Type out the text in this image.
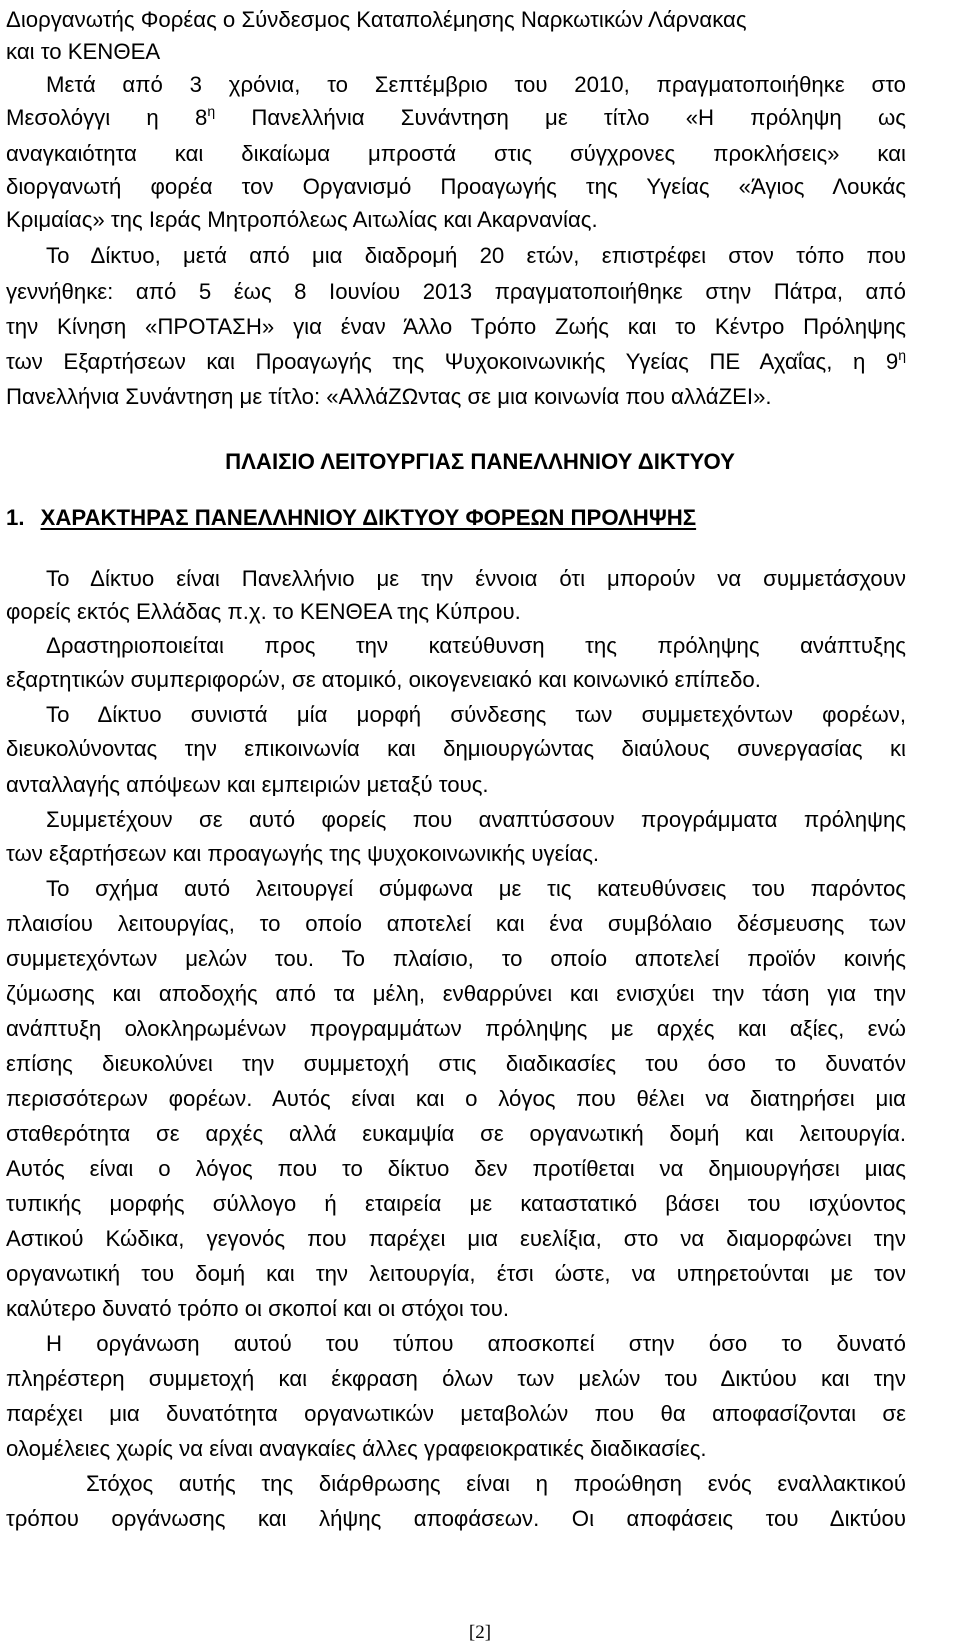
Διοργανωτής Φορέας ο Σύνδεσμος Καταπολέμησης Ναρκωτικών Λάρνακας
και το ΚΕΝΘΕΑ
Μετά από 3 χρόνια, το Σεπτέμβριο του 2010, πραγματοποιήθηκε στο
Μεσολόγγι η $8^\eta$ Πανελλήνια Συνάντηση με τίτλο «Η πρόληψη ως
αναγκαιότητα και δικαίωμα μπροστά στις σύγχρονες προκλήσεις» και
διοργανωτή φορέα τον Οργανισμό Προαγωγής της Υγείας «Άγιος Λουκάς
Κριμαίας» της Ιεράς Μητροπόλεως Αιτωλίας και Ακαρνανίας.
Το Δίκτυο, μετά από μια διαδρομή 20 ετών, επιστρέφει στον τόπο που
γεννήθηκε: από 5 έως 8 Ιουνίου 2013 πραγματοποιήθηκε στην Πάτρα, από
την Κίνηση «ΠΡΟΤΑΣΗ» για έναν Άλλο Τρόπο Ζωής και το Κέντρο Πρόληψης
των Εξαρτήσεων και Προαγωγής της Ψυχοκοινωνικής Υγείας ΠΕ Αχαΐας, η $9^\eta$
Πανελλήνια Συνάντηση με τίτλο: «ΑλλάΖΩντας σε μια κοινωνία που αλλάΖΕΙ».
ΠΛΑΙΣΙΟ ΛΕΙΤΟΥΡΓΙΑΣ ΠΑΝΕΛΛΗΝΙΟΥ ΔΙΚΤΥΟΥ
1. ΧΑΡΑΚΤΗΡΑΣ ΠΑΝΕΛΛΗΝΙΟΥ ΔΙΚΤΥΟΥ ΦΟΡΕΩΝ ΠΡΟΛΗΨΗΣ
Το Δίκτυο είναι Πανελλήνιο με την έννοια ότι μπορούν να συμμετάσχουν
φορείς εκτός Ελλάδας π.χ. το ΚΕΝΘΕΑ της Κύπρου.
Δραστηριοποιείται προς την κατεύθυνση της πρόληψης ανάπτυξης
εξαρτητικών συμπεριφορών, σε ατομικό, οικογενειακό και κοινωνικό επίπεδο.
Το Δίκτυο συνιστά μία μορφή σύνδεσης των συμμετεχόντων φορέων,
διευκολύνοντας την επικοινωνία και δημιουργώντας διαύλους συνεργασίας κι
ανταλλαγής απόψεων και εμπειριών μεταξύ τους.
Συμμετέχουν σε αυτό φορείς που αναπτύσσουν προγράμματα πρόληψης
των εξαρτήσεων και προαγωγής της ψυχοκοινωνικής υγείας.
Το σχήμα αυτό λειτουργεί σύμφωνα με τις κατευθύνσεις του παρόντος
πλαισίου λειτουργίας, το οποίο αποτελεί και ένα συμβόλαιο δέσμευσης των
συμμετεχόντων μελών του. Το πλαίσιο, το οποίο αποτελεί προϊόν κοινής
ζύμωσης και αποδοχής από τα μέλη, ενθαρρύνει και ενισχύει την τάση για την
ανάπτυξη ολοκληρωμένων προγραμμάτων πρόληψης με αρχές και αξίες, ενώ
επίσης διευκολύνει την συμμετοχή στις διαδικασίες του όσο το δυνατόν
περισσότερων φορέων. Αυτός είναι και ο λόγος που θέλει να διατηρήσει μια
σταθερότητα σε αρχές αλλά ευκαμψία σε οργανωτική δομή και λειτουργία.
Αυτός είναι ο λόγος που το δίκτυο δεν προτίθεται να δημιουργήσει μιας
τυπικής μορφής σύλλογο ή εταιρεία με καταστατικό βάσει του ισχύοντος
Αστικού Κώδικα, γεγονός που παρέχει μια ευελίξια, στο να διαμορφώνει την
οργανωτική του δομή και την λειτουργία, έτσι ώστε, να υπηρετούνται με τον
καλύτερο δυνατό τρόπο οι σκοποί και οι στόχοι του.
Η οργάνωση αυτού του τύπου αποσκοπεί στην όσο το δυνατό
πληρέστερη συμμετοχή και έκφραση όλων των μελών του Δικτύου και την
παρέχει μια δυνατότητα οργανωτικών μεταβολών που θα αποφασίζονται σε
ολομέλειες χωρίς να είναι αναγκαίες άλλες γραφειοκρατικές διαδικασίες.
Στόχος αυτής της διάρθρωσης είναι η προώθηση ενός εναλλακτικού
τρόπου οργάνωσης και λήψης αποφάσεων. Οι αποφάσεις του Δικτύου
[2]
